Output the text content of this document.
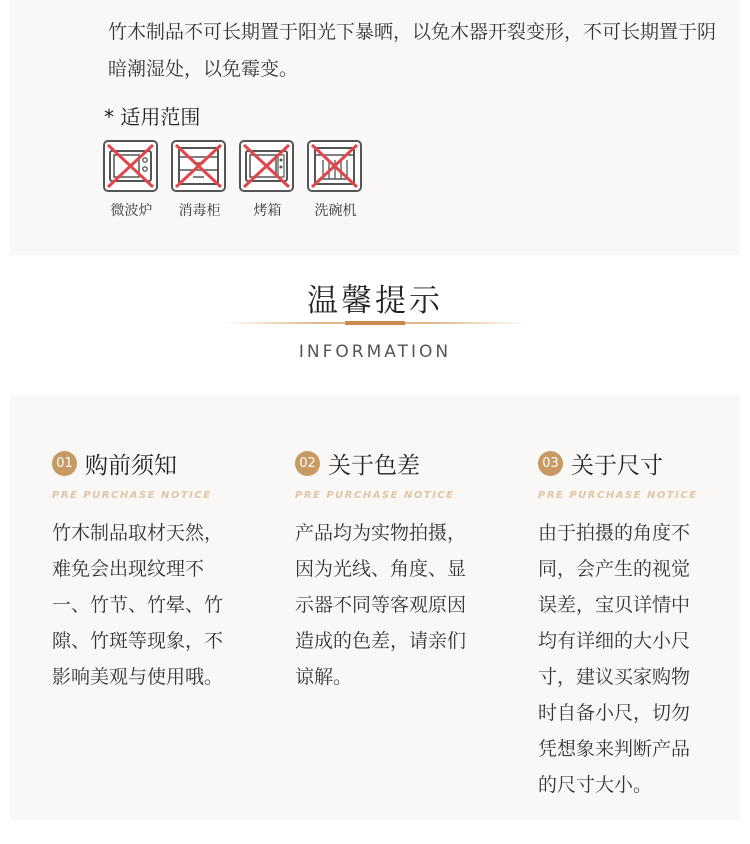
竹木制品不可长期置于阳光下暴晒，以免木器开裂变形，不可长期置于阴暗潮湿处，以免霉变。
* 适用范围
微波炉	消毒柜	烤箱	洗碗机
温馨提示
INFORMATION
01 购前须知
PRE PURCHASE NOTICE
竹木制品取材天然，难免会出现纹理不一、竹节、竹晕、竹隙、竹斑等现象，不影响美观与使用哦。
02 关于色差
PRE PURCHASE NOTICE
产品均为实物拍摄，因为光线、角度、显示器不同等客观原因造成的色差，请亲们谅解。
03 关于尺寸
PRE PURCHASE NOTICE
由于拍摄的角度不同，会产生的视觉误差，宝贝详情中均有详细的大小尺寸，建议买家购物时自备小尺，切勿凭想象来判断产品的尺寸大小。
